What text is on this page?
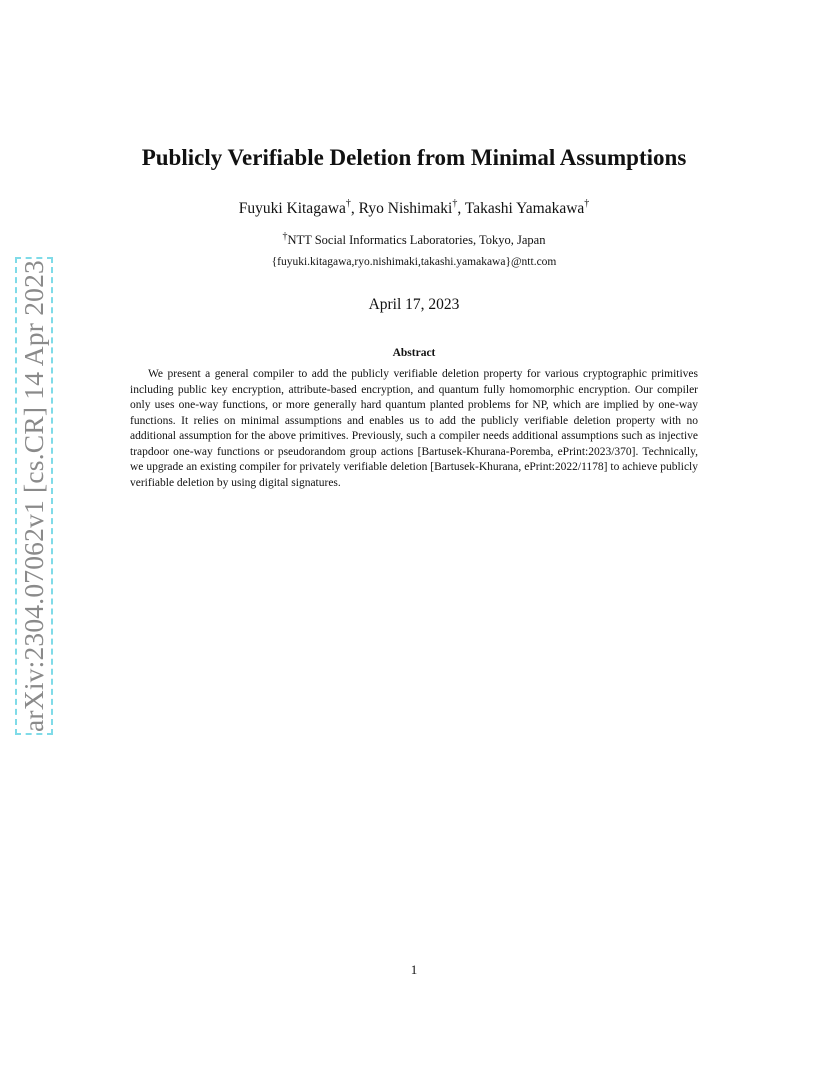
arXiv:2304.07062v1 [cs.CR] 14 Apr 2023
Publicly Verifiable Deletion from Minimal Assumptions
Fuyuki Kitagawa†, Ryo Nishimaki†, Takashi Yamakawa†
†NTT Social Informatics Laboratories, Tokyo, Japan
{fuyuki.kitagawa,ryo.nishimaki,takashi.yamakawa}@ntt.com
April 17, 2023
Abstract

We present a general compiler to add the publicly verifiable deletion property for various cryptographic primitives including public key encryption, attribute-based encryption, and quantum fully homomorphic encryption. Our compiler only uses one-way functions, or more generally hard quantum planted problems for NP, which are implied by one-way functions. It relies on minimal assumptions and enables us to add the publicly verifiable deletion property with no additional assumption for the above primitives. Previously, such a compiler needs additional assumptions such as injective trapdoor one-way functions or pseudorandom group actions [Bartusek-Khurana-Poremba, ePrint:2023/370]. Technically, we upgrade an existing compiler for privately verifiable deletion [Bartusek-Khurana, ePrint:2022/1178] to achieve publicly verifiable deletion by using digital signatures.

1
